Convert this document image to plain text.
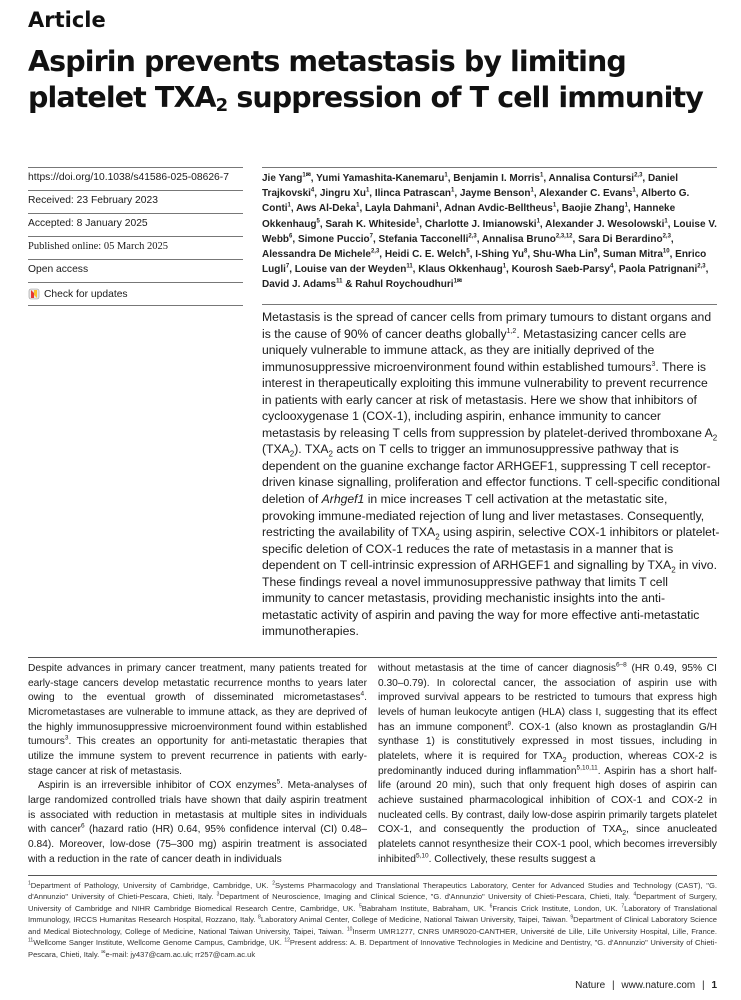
Article
Aspirin prevents metastasis by limiting
platelet $TXA_2$ suppression of T cell immunity
https://doi.org/10.1038/s41586-025-08626-7
Received: 23 February 2023
Accepted: 8 January 2025
Published online: 05 March 2025
Open access
Check for updates
Jie Yang$^{1✉}$, Yumi Yamashita-Kanemaru$^1$, Benjamin I. Morris$^1$, Annalisa Contursi$^{2,3}$, Daniel Trajkovski$^4$, Jingru Xu$^1$, Ilinca Patrascan$^1$, Jayme Benson$^1$, Alexander C. Evans$^1$, Alberto G. Conti$^1$, Aws Al-Deka$^1$, Layla Dahmani$^1$, Adnan Avdic-Belltheus$^1$, Baojie Zhang$^1$, Hanneke Okkenhaug$^5$, Sarah K. Whiteside$^1$, Charlotte J. Imianowski$^1$, Alexander J. Wesolowski$^1$, Louise V. Webb$^6$, Simone Puccio$^7$, Stefania Tacconelli$^{2,3}$, Annalisa Bruno$^{2,3,12}$, Sara Di Berardino$^{2,3}$, Alessandra De Michele$^{2,3}$, Heidi C. E. Welch$^5$, I-Shing Yu$^8$, Shu-Wha Lin$^9$, Suman Mitra$^{10}$, Enrico Lugli$^7$, Louise van der Weyden$^{11}$, Klaus Okkenhaug$^1$, Kourosh Saeb-Parsy$^4$, Paola Patrignani$^{2,3}$, David J. Adams$^{11}$ & Rahul Roychoudhuri$^{1✉}$

Metastasis is the spread of cancer cells from primary tumours to distant organs and is the cause of 90% of cancer deaths globally$^{1,2}$. Metastasizing cancer cells are uniquely vulnerable to immune attack, as they are initially deprived of the immunosuppressive microenvironment found within established tumours$^3$. There is interest in therapeutically exploiting this immune vulnerability to prevent recurrence in patients with early cancer at risk of metastasis. Here we show that inhibitors of cyclooxygenase 1 (COX-1), including aspirin, enhance immunity to cancer metastasis by releasing T cells from suppression by platelet-derived thromboxane $A_2$ $(TXA_2)$. $TXA_2$ acts on T cells to trigger an immunosuppressive pathway that is dependent on the guanine exchange factor ARHGEF1, suppressing T cell receptor-driven kinase signalling, proliferation and effector functions. T cell-specific conditional deletion of Arhgef1 in mice increases T cell activation at the metastatic site, provoking immune-mediated rejection of lung and liver metastases. Consequently, restricting the availability of $TXA_2$ using aspirin, selective COX-1 inhibitors or platelet-specific deletion of COX-1 reduces the rate of metastasis in a manner that is dependent on T cell-intrinsic expression of ARHGEF1 and signalling by $TXA_2$ in vivo. These findings reveal a novel immunosuppressive pathway that limits T cell immunity to cancer metastasis, providing mechanistic insights into the anti-metastatic activity of aspirin and paving the way for more effective anti-metastatic immunotherapies.

Despite advances in primary cancer treatment, many patients treated for early-stage cancers develop metastatic recurrence months to years later owing to the eventual growth of disseminated micrometastases$^4$. Micrometastases are vulnerable to immune attack, as they are deprived of the highly immunosuppressive microenvironment found within established tumours$^3$. This creates an opportunity for anti-metastatic therapies that utilize the immune system to prevent recurrence in patients with early-stage cancer at risk of metastasis.

Aspirin is an irreversible inhibitor of COX enzymes$^5$. Meta-analyses of large randomized controlled trials have shown that daily aspirin treatment is associated with reduction in metastasis at multiple sites in individuals with cancer$^6$ (hazard ratio (HR) 0.64, 95% confidence interval (CI) 0.48–0.84). Moreover, low-dose (75–300 mg) aspirin treatment is associated with a reduction in the rate of cancer death in individuals

without metastasis at the time of cancer diagnosis$^{6-8}$ (HR 0.49, 95% CI 0.30–0.79). In colorectal cancer, the association of aspirin use with improved survival appears to be restricted to tumours that express high levels of human leukocyte antigen (HLA) class I, suggesting that its effect has an immune component$^9$. COX-1 (also known as prostaglandin G/H synthase 1) is constitutively expressed in most tissues, including in platelets, where it is required for $TXA_2$ production, whereas COX-2 is predominantly induced during inflammation$^{5,10,11}$. Aspirin has a short half-life (around 20 min), such that only frequent high doses of aspirin can achieve sustained pharmacological inhibition of COX-1 and COX-2 in nucleated cells. By contrast, daily low-dose aspirin primarily targets platelet COX-1, and consequently the production of $TXA_2$, since anucleated platelets cannot resynthesize their COX-1 pool, which becomes irreversibly inhibited$^{5,10}$. Collectively, these results suggest a

$^1$Department of Pathology, University of Cambridge, Cambridge, UK. $^2$Systems Pharmacology and Translational Therapeutics Laboratory, Center for Advanced Studies and Technology (CAST), "G. d'Annunzio" University of Chieti-Pescara, Chieti, Italy. $^3$Department of Neuroscience, Imaging and Clinical Science, "G. d'Annunzio" University of Chieti-Pescara, Chieti, Italy. $^4$Department of Surgery, University of Cambridge and NIHR Cambridge Biomedical Research Centre, Cambridge, UK. $^5$Babraham Institute, Babraham, UK. $^6$Francis Crick Institute, London, UK. $^7$Laboratory of Translational Immunology, IRCCS Humanitas Research Hospital, Rozzano, Italy. $^8$Laboratory Animal Center, College of Medicine, National Taiwan University, Taipei, Taiwan. $^9$Department of Clinical Laboratory Science and Medical Biotechnology, College of Medicine, National Taiwan University, Taipei, Taiwan. $^{10}$Inserm UMR1277, CNRS UMR9020-CANTHER, Université de Lille, Lille University Hospital, Lille, France. $^{11}$Wellcome Sanger Institute, Wellcome Genome Campus, Cambridge, UK. $^{12}$Present address: A. B. Department of Innovative Technologies in Medicine and Dentistry, "G. d'Annunzio" University of Chieti-Pescara, Chieti, Italy. ✉e-mail: jy437@cam.ac.uk; rr257@cam.ac.uk
Nature | www.nature.com | 1
